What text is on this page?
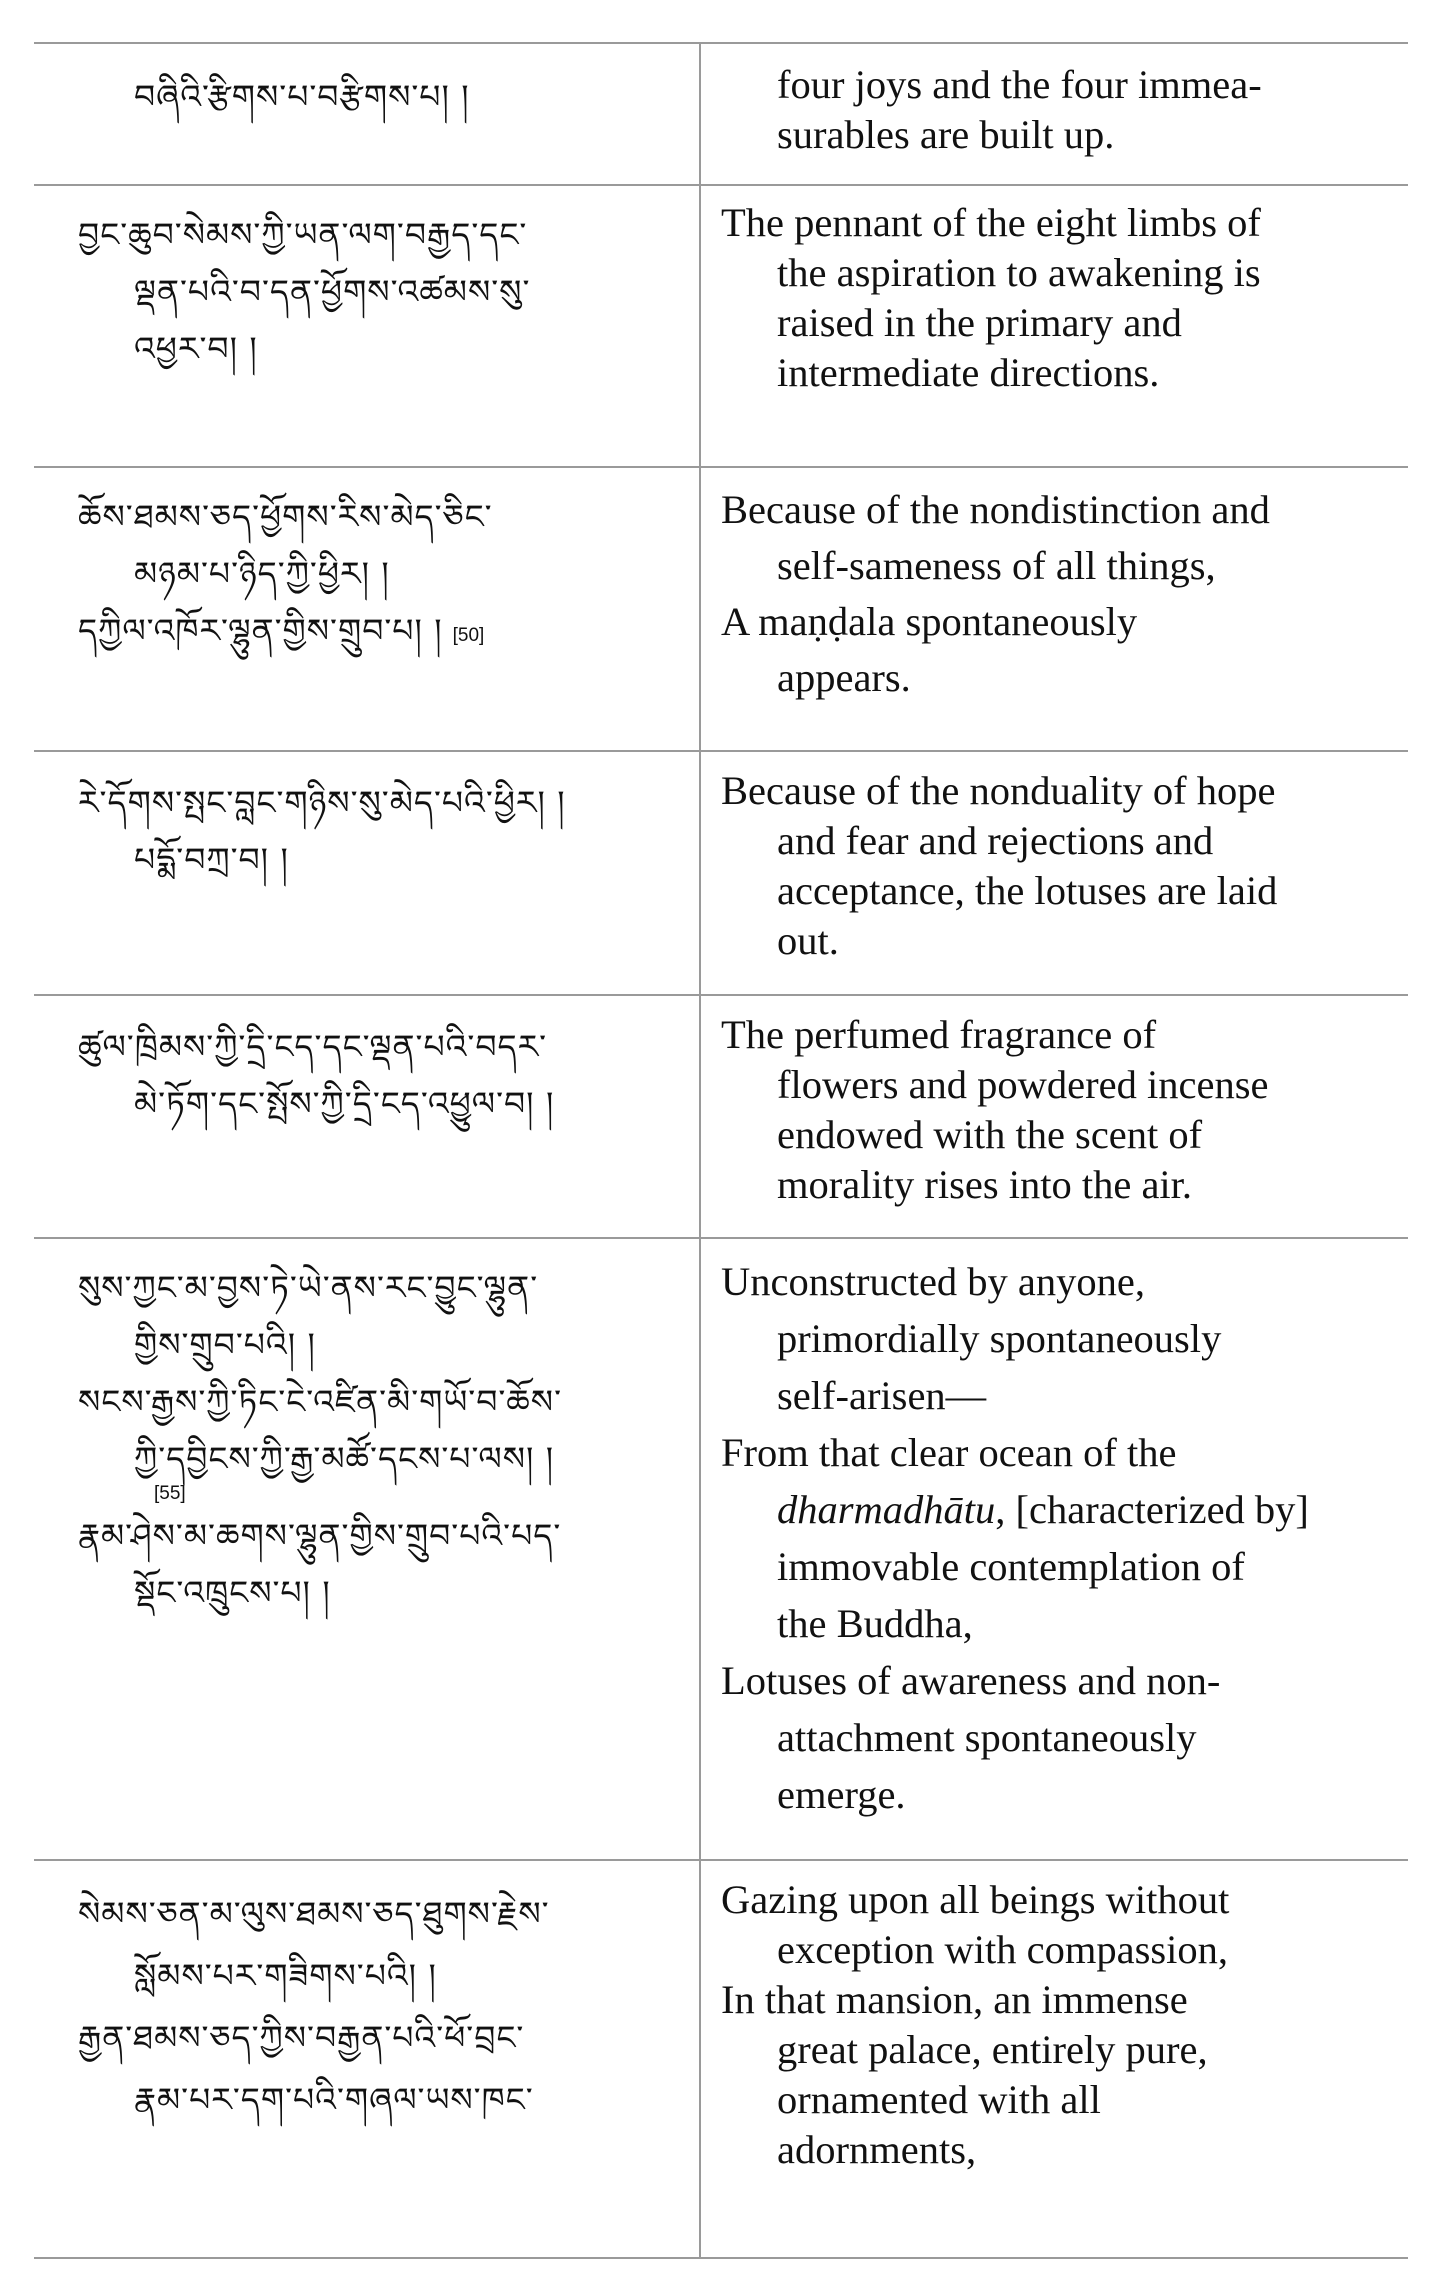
བཞིའི་རྩིགས་པ་བརྩིགས་པ། །	four joys and the four immea-
surables are built up.
བྱང་ཆུབ་སེམས་ཀྱི་ཡན་ལག་བརྒྱད་དང་
ལྡན་པའི་བ་དན་ཕྱོགས་འཚམས་སུ་
འཕྱར་བ། །
The pennant of the eight limbs of
the aspiration to awakening is
raised in the primary and
intermediate directions.
ཆོས་ཐམས་ཅད་ཕྱོགས་རིས་མེད་ཅིང་
མཉམ་པ་ཉིད་ཀྱི་ཕྱིར། །
དཀྱིལ་འཁོར་ལྷུན་གྱིས་གྲུབ་པ། ། [50]
Because of the nondistinction and
self-sameness of all things,
A maṇḍala spontaneously
appears.
རེ་དོགས་སྤང་བླང་གཉིས་སུ་མེད་པའི་ཕྱིར། །
པདྨོ་བཀྲ་བ། །
Because of the nonduality of hope
and fear and rejections and
acceptance, the lotuses are laid
out.
ཚུལ་ཁྲིམས་ཀྱི་དྲི་ངད་དང་ལྡན་པའི་བདར་
མེ་ཏོག་དང་སྤོས་ཀྱི་དྲི་ངད་འཕྱུལ་བ། །
The perfumed fragrance of
flowers and powdered incense
endowed with the scent of
morality rises into the air.
སུས་ཀྱང་མ་བྱས་ཏེ་ཡེ་ནས་རང་བྱུང་ལྷུན་
གྱིས་གྲུབ་པའི། །
སངས་རྒྱས་ཀྱི་ཏིང་ངེ་འཛིན་མི་གཡོ་བ་ཆོས་
ཀྱི་དབྱིངས་ཀྱི་རྒྱ་མཚོ་དངས་པ་ལས། །
[55]
རྣམ་ཤེས་མ་ཆགས་ལྷུན་གྱིས་གྲུབ་པའི་པད་
སྡོང་འཁྲུངས་པ། །
Unconstructed by anyone,
primordially spontaneously
self-arisen—
From that clear ocean of the
dharmadhātu, [characterized by]
immovable contemplation of
the Buddha,
Lotuses of awareness and non-
attachment spontaneously
emerge.
སེམས་ཅན་མ་ལུས་ཐམས་ཅད་ཐུགས་རྗེས་
སློམས་པར་གཟིགས་པའི། །
རྒྱན་ཐམས་ཅད་ཀྱིས་བརྒྱན་པའི་ཕོ་བྲང་
རྣམ་པར་དག་པའི་གཞལ་ཡས་ཁང་
Gazing upon all beings without
exception with compassion,
In that mansion, an immense
great palace, entirely pure,
ornamented with all
adornments,
